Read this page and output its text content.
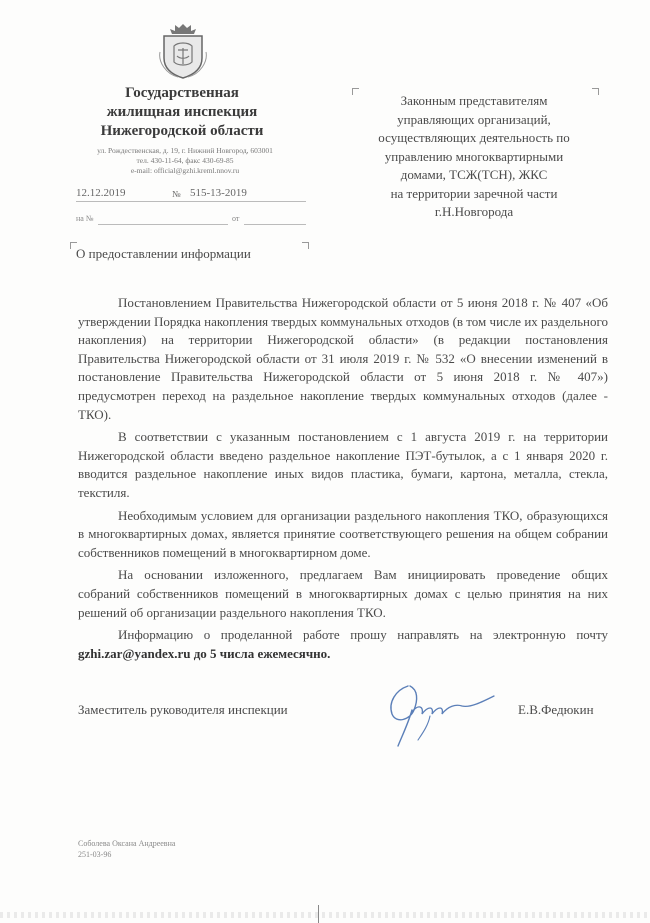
Государственная
жилищная инспекция
Нижегородской области
ул. Рождественская, д. 19, г. Нижний Новгород, 603001
тел. 430-11-64, факс 430-69-85
e-mail: official@gzhi.kreml.nnov.ru
12.12.2019	№ 515-13-2019
на №	от
О предоставлении информации
Законным представителям
управляющих организаций,
осуществляющих деятельность по
управлению многоквартирными
домами, ТСЖ(ТСН), ЖКС
на территории заречной части
г.Н.Новгорода

Постановлением Правительства Нижегородской области от 5 июня 2018 г. № 407 «Об утверждении Порядка накопления твердых коммунальных отходов (в том числе их раздельного накопления) на территории Нижегородской области» (в редакции постановления Правительства Нижегородской области от 31 июля 2019 г. № 532 «О внесении изменений в постановление Правительства Нижегородской области от 5 июня 2018 г. № 407») предусмотрен переход на раздельное накопление твердых коммунальных отходов (далее - ТКО).

В соответствии с указанным постановлением с 1 августа 2019 г. на территории Нижегородской области введено раздельное накопление ПЭТ-бутылок, а с 1 января 2020 г. вводится раздельное накопление иных видов пластика, бумаги, картона, металла, стекла, текстиля.

Необходимым условием для организации раздельного накопления ТКО, образующихся в многоквартирных домах, является принятие соответствующего решения на общем собрании собственников помещений в многоквартирном доме.

На основании изложенного, предлагаем Вам инициировать проведение общих собраний собственников помещений в многоквартирных домах с целью принятия на них решений об организации раздельного накопления ТКО.

Информацию о проделанной работе прошу направлять на электронную почту gzhi.zar@yandex.ru до 5 числа ежемесячно.

Заместитель руководителя инспекции	Е.В.Федюкин
Соболева Оксана Андреевна
251-03-96
